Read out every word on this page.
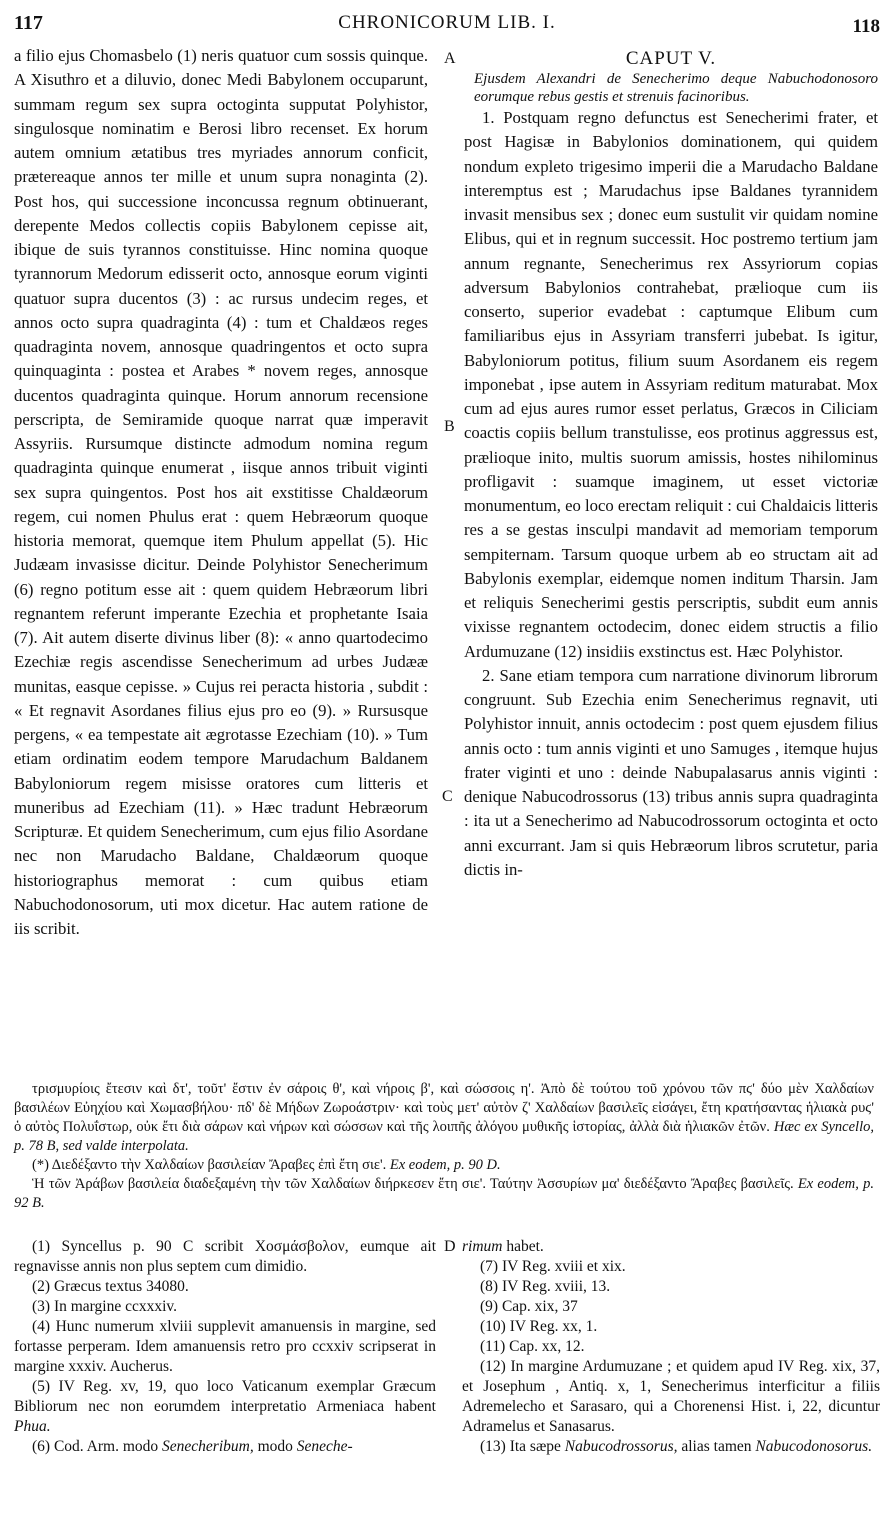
117	CHRONICORUM LIB. I.	118
A
B
C
D

a filio ejus Chomasbelo (1) neris quatuor cum sossis quinque. A Xisuthro et a diluvio, donec Medi Babylonem occuparunt, summam regum sex supra octoginta supputat Polyhistor, singulosque nominatim e Berosi libro recenset. Ex horum autem omnium ætatibus tres myriades annorum conficit, prætereaque annos ter mille et unum supra nonaginta (2). Post hos, qui successione inconcussa regnum obtinuerant, derepente Medos collectis copiis Babylonem cepisse ait, ibique de suis tyrannos constituisse. Hinc nomina quoque tyrannorum Medorum edisserit octo, annosque eorum viginti quatuor supra ducentos (3) : ac rursus undecim reges, et annos octo supra quadraginta (4) : tum et Chaldæos reges quadraginta novem, annosque quadringentos et octo supra quinquaginta : postea et Arabes * novem reges, annosque ducentos quadraginta quinque. Horum annorum recensione perscripta, de Semiramide quoque narrat quæ imperavit Assyriis. Rursumque distincte admodum nomina regum quadraginta quinque enumerat , iisque annos tribuit viginti sex supra quingentos. Post hos ait exstitisse Chaldæorum regem, cui nomen Phulus erat : quem Hebræorum quoque historia memorat, quemque item Phulum appellat (5). Hic Judæam invasisse dicitur. Deinde Polyhistor Senecherimum (6) regno potitum esse ait : quem quidem Hebræorum libri regnantem referunt imperante Ezechia et prophetante Isaia (7). Ait autem diserte divinus liber (8): « anno quartodecimo Ezechiæ regis ascendisse Senecherimum ad urbes Judææ munitas, easque cepisse. » Cujus rei peracta historia , subdit : « Et regnavit Asordanes filius ejus pro eo (9). » Rursusque pergens, « ea tempestate ait ægrotasse Ezechiam (10). » Tum etiam ordinatim eodem tempore Marudachum Baldanem Babyloniorum regem misisse oratores cum litteris et muneribus ad Ezechiam (11). » Hæc tradunt Hebræorum Scripturæ. Et quidem Senecherimum, cum ejus filio Asordane nec non Marudacho Baldane, Chaldæorum quoque historiographus memorat : cum quibus etiam Nabuchodonosorum, uti mox dicetur. Hac autem ratione de iis scribit.

CAPUT V.

Ejusdem Alexandri de Senecherimo deque Nabuchodonosoro eorumque rebus gestis et strenuis facinoribus.

1. Postquam regno defunctus est Senecherimi frater, et post Hagisæ in Babylonios dominationem, qui quidem nondum expleto trigesimo imperii die a Marudacho Baldane interemptus est ; Marudachus ipse Baldanes tyrannidem invasit mensibus sex ; donec eum sustulit vir quidam nomine Elibus, qui et in regnum successit. Hoc postremo tertium jam annum regnante, Senecherimus rex Assyriorum copias adversum Babylonios contrahebat, prælioque cum iis conserto, superior evadebat : captumque Elibum cum familiaribus ejus in Assyriam transferri jubebat. Is igitur, Babyloniorum potitus, filium suum Asordanem eis regem imponebat , ipse autem in Assyriam reditum maturabat. Mox cum ad ejus aures rumor esset perlatus, Græcos in Ciliciam coactis copiis bellum transtulisse, eos protinus aggressus est, prælioque inito, multis suorum amissis, hostes nihilominus profligavit : suamque imaginem, ut esset victoriæ monumentum, eo loco erectam reliquit : cui Chaldaicis litteris res a se gestas insculpi mandavit ad memoriam temporum sempiternam. Tarsum quoque urbem ab eo structam ait ad Babylonis exemplar, eidemque nomen inditum Tharsin. Jam et reliquis Senecherimi gestis perscriptis, subdit eum annis vixisse regnantem octodecim, donec eidem structis a filio Ardumuzane (12) insidiis exstinctus est. Hæc Polyhistor.

2. Sane etiam tempora cum narratione divinorum librorum congruunt. Sub Ezechia enim Senecherimus regnavit, uti Polyhistor innuit, annis octodecim : post quem ejusdem filius annis octo : tum annis viginti et uno Samuges , itemque hujus frater viginti et uno : deinde Nabupalasarus annis viginti : denique Nabucodrossorus (13) tribus annis supra quadraginta : ita ut a Senecherimo ad Nabucodrossorum octoginta et octo anni excurrant. Jam si quis Hebræorum libros scrutetur, paria dictis in-

τρισμυρίοις ἔτεσιν καὶ δτ', τοῦτ' ἔστιν ἐν σάροις θ', καὶ νήροις β', καὶ σώσσοις η'. Ἀπὸ δὲ τούτου τοῦ χρόνου τῶν πϛ' δύο μὲν Χαλδαίων βασιλέων Εὐηχίου καὶ Χωμασβήλου· πδ' δὲ Μήδων Ζωροάστριν· καὶ τοὺς μετ' αὐτὸν ζ' Χαλδαίων βασιλεῖς εἰσάγει, ἔτη κρατήσαντας ἡλιακὰ ρυϛ' ὁ αὐτὸς Πολυΐστωρ, οὐκ ἔτι διὰ σάρων καὶ νήρων καὶ σώσσων καὶ τῆς λοιπῆς ἀλόγου μυθικῆς ἱστορίας, ἀλλὰ διὰ ἡλιακῶν ἐτῶν. Hæc ex Syncello, p. 78 B, sed valde interpolata.

(*) Διεδέξαντο τὴν Χαλδαίων βασιλείαν Ἄραβες ἐπὶ ἔτη σιε'. Ex eodem, p. 90 D.

Ἡ τῶν Ἀράβων βασιλεία διαδεξαμένη τὴν τῶν Χαλδαίων διήρκεσεν ἔτη σιε'. Ταύτην Ἀσσυρίων μα' διεδέξαντο Ἄραβες βασιλεῖς. Ex eodem, p. 92 B.

(1) Syncellus p. 90 C scribit Χοσμάσβολον, eumque ait regnavisse annis non plus septem cum dimidio.

(2) Græcus textus 34080.

(3) In margine ccxxxiv.

(4) Hunc numerum xlviii supplevit amanuensis in margine, sed fortasse perperam. Idem amanuensis retro pro ccxxiv scripserat in margine xxxiv. Aucherus.

(5) IV Reg. xv, 19, quo loco Vaticanum exemplar Græcum Bibliorum nec non eorumdem interpretatio Armeniaca habent Phua.

(6) Cod. Arm. modo Senecheribum, modo Seneche-

rimum habet.

(7) IV Reg. xviii et xix.

(8) IV Reg. xviii, 13.

(9) Cap. xix, 37

(10) IV Reg. xx, 1.

(11) Cap. xx, 12.

(12) In margine Ardumuzane ; et quidem apud IV Reg. xix, 37, et Josephum , Antiq. x, 1, Senecherimus interficitur a filiis Adremelecho et Sarasaro, qui a Chorenensi Hist. i, 22, dicuntur Adramelus et Sanasarus.

(13) Ita sæpe Nabucodrossorus, alias tamen Nabucodonosorus.
